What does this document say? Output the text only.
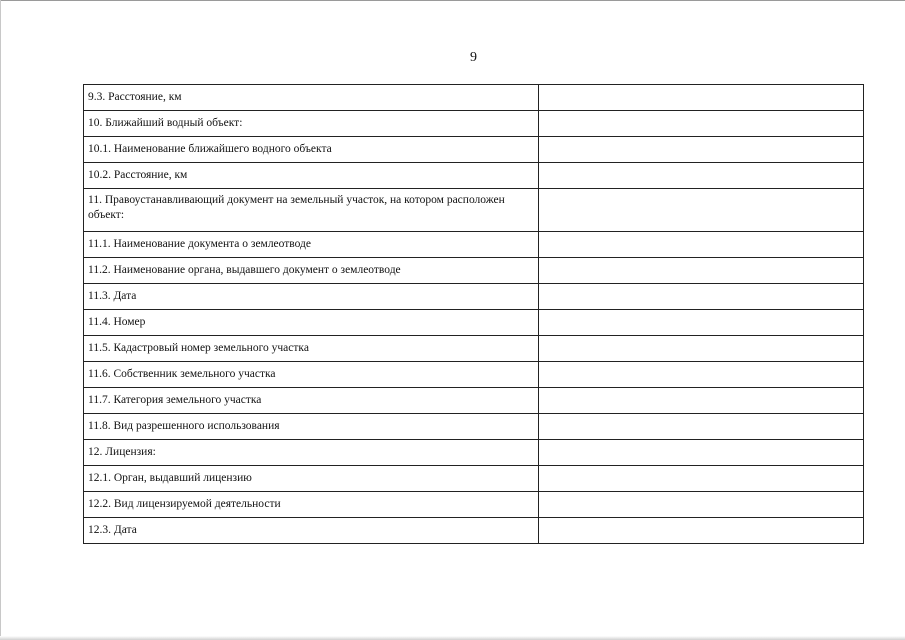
9

9.3. Расстояние, км	
10. Ближайший водный объект:	
10.1. Наименование ближайшего водного объекта	
10.2. Расстояние, км	
11. Правоустанавливающий документ на земельный участок, на котором расположен объект:	
11.1. Наименование документа о землеотводе	
11.2. Наименование органа, выдавшего документ о землеотводе	
11.3. Дата	
11.4. Номер	
11.5. Кадастровый номер земельного участка	
11.6. Собственник земельного участка	
11.7. Категория земельного участка	
11.8. Вид разрешенного использования	
12. Лицензия:	
12.1. Орган, выдавший лицензию	
12.2. Вид лицензируемой деятельности	
12.3. Дата	
